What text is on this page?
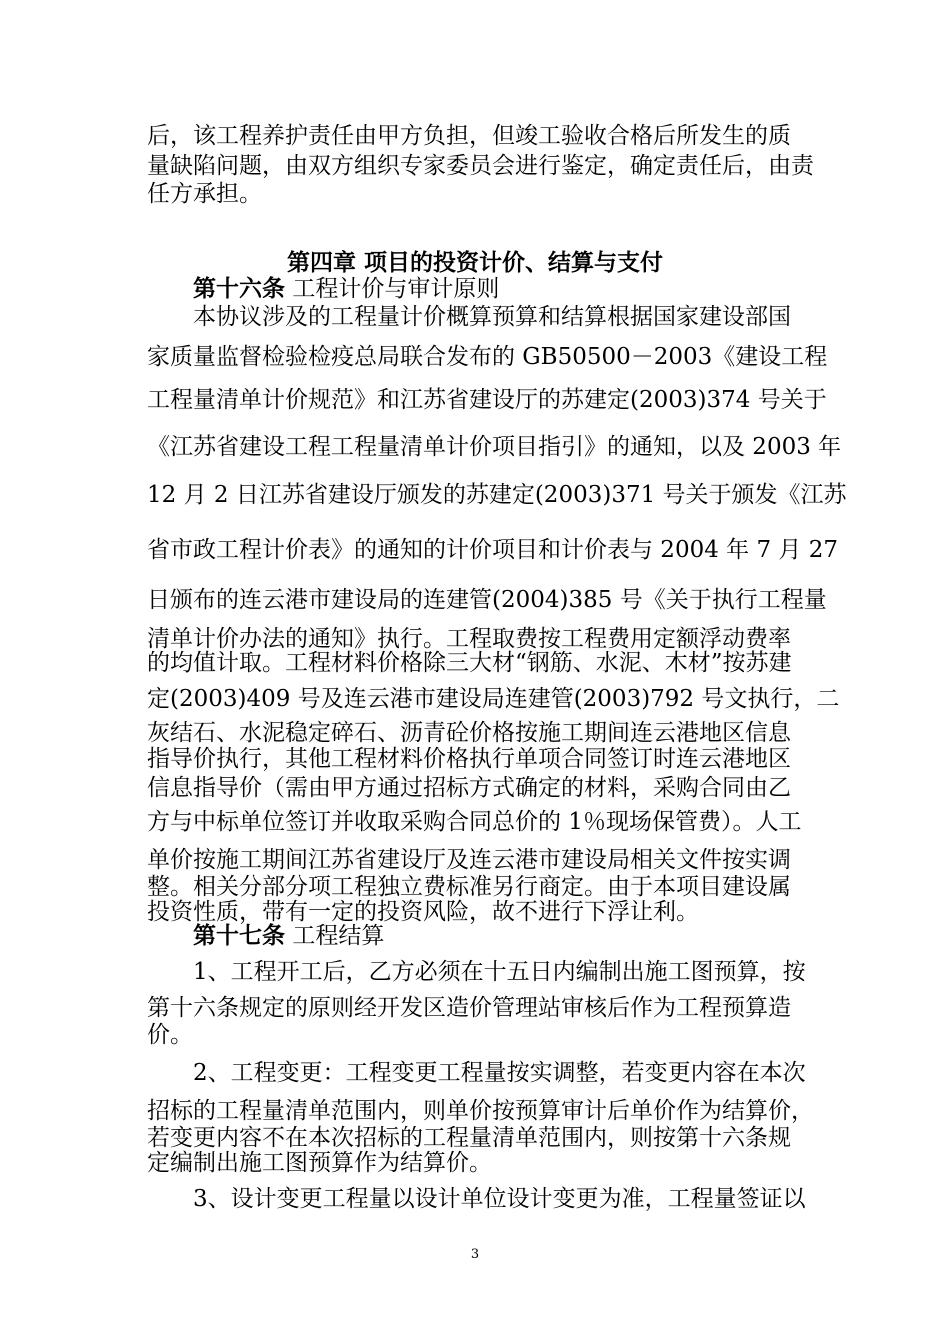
后，该工程养护责任由甲方负担，但竣工验收合格后所发生的质
量缺陷问题，由双方组织专家委员会进行鉴定，确定责任后，由责
任方承担。
第四章 项目的投资计价、结算与支付
第十六条 工程计价与审计原则
本协议涉及的工程量计价概算预算和结算根据国家建设部国
家质量监督检验检疫总局联合发布的 GB50500－2003《建设工程
工程量清单计价规范》和江苏省建设厅的苏建定(2003)374 号关于
《江苏省建设工程工程量清单计价项目指引》的通知，以及 2003 年
12 月 2 日江苏省建设厅颁发的苏建定(2003)371 号关于颁发《江苏
省市政工程计价表》的通知的计价项目和计价表与 2004 年 7 月 27
日颁布的连云港市建设局的连建管(2004)385 号《关于执行工程量
清单计价办法的通知》执行。工程取费按工程费用定额浮动费率
的均值计取。工程材料价格除三大材“钢筋、水泥、木材”按苏建
定(2003)409 号及连云港市建设局连建管(2003)792 号文执行，二
灰结石、水泥稳定碎石、沥青砼价格按施工期间连云港地区信息
指导价执行，其他工程材料价格执行单项合同签订时连云港地区
信息指导价（需由甲方通过招标方式确定的材料，采购合同由乙
方与中标单位签订并收取采购合同总价的 1％现场保管费）。人工
单价按施工期间江苏省建设厅及连云港市建设局相关文件按实调
整。相关分部分项工程独立费标准另行商定。由于本项目建设属
投资性质，带有一定的投资风险，故不进行下浮让利。
第十七条 工程结算
1、工程开工后，乙方必须在十五日内编制出施工图预算，按
第十六条规定的原则经开发区造价管理站审核后作为工程预算造
价。
2、工程变更：工程变更工程量按实调整，若变更内容在本次
招标的工程量清单范围内，则单价按预算审计后单价作为结算价，
若变更内容不在本次招标的工程量清单范围内，则按第十六条规
定编制出施工图预算作为结算价。
3、设计变更工程量以设计单位设计变更为准，工程量签证以
3
